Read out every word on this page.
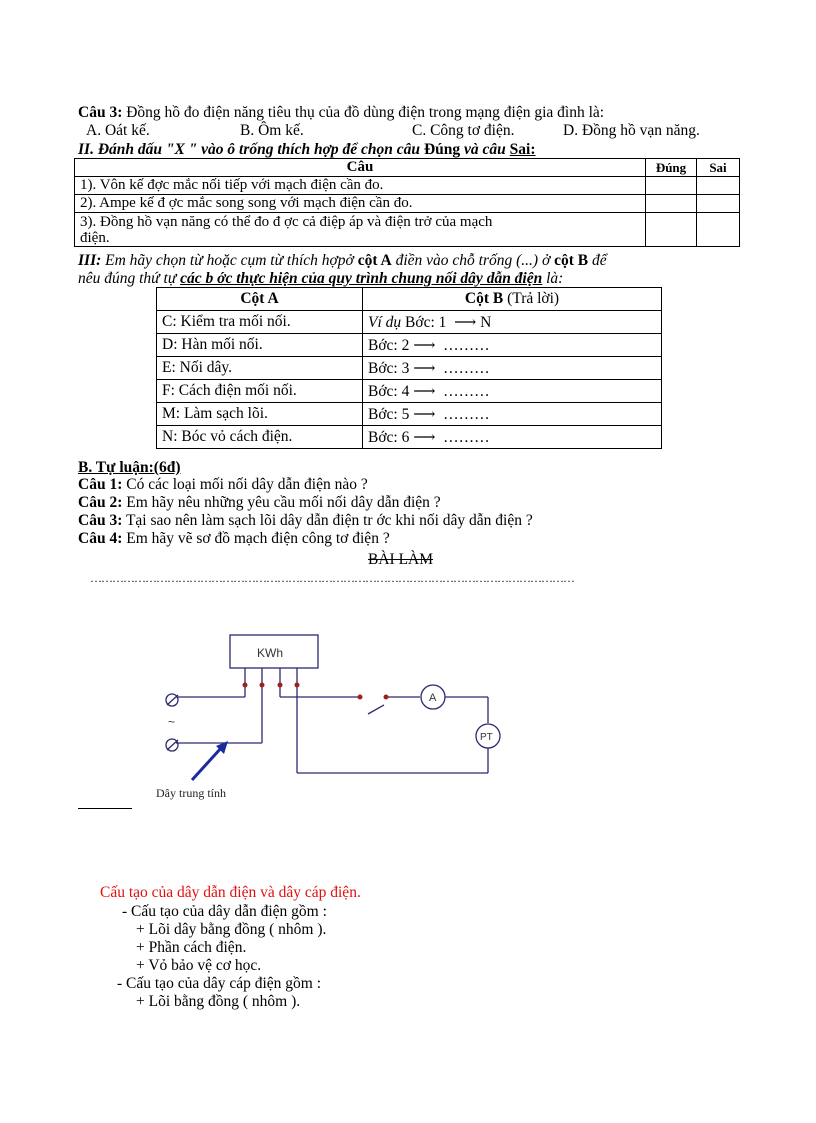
Câu 3: Đồng hồ đo điện năng tiêu thụ của đồ dùng điện trong mạng điện gia đình là:
A. Oát kế.	B. Ôm kế.	C. Công tơ điện.	D. Đồng hồ vạn năng.
II. Đánh dấu "X " vào ô trống thích hợp để chọn câu Đúng và câu Sai:
Câu	Đúng	Sai
1). Vôn kế đợc mắc nối tiếp với mạch điện cần đo.		
2). Ampe kế đ ợc mắc song song với mạch điện cần đo.		

3). Đồng hồ vạn năng có thể đo đ ợc cả điệp áp và điện trở của mạch
điện.		

III: Em hãy chọn từ hoặc cụm từ thích hợpở cột A điền vào chỗ trống (...) ở cột B để
nêu đúng thứ tự các b ớc thực hiện của quy trình chung nối dây dẫn điện là:
Cột A	Cột B (Trả lời)
C: Kiểm tra mối nối.	Ví dụ Bớc: 1  ⟶ N
D: Hàn mối nối.	Bớc: 2 ⟶ ………
E: Nối dây.	Bớc: 3 ⟶ ………
F: Cách điện mối nối.	Bớc: 4 ⟶ ………
M: Làm sạch lõi.	Bớc: 5 ⟶ ………
N: Bóc vỏ cách điện.	Bớc: 6 ⟶ ………
B. Tự luận:(6đ)
Câu 1: Có các loại mối nối dây dẫn điện nào ?
Câu 2: Em hãy nêu những yêu cầu mối nối dây dẫn điện ?
Câu 3: Tại sao nên làm sạch lõi dây dẫn điện tr ớc khi nối dây dẫn điện ?
Câu 4: Em hãy vẽ sơ đồ mạch điện công tơ điện ?
BÀI LÀM
……………………………………………………………………………………………………………………
KWh
A
PT
~
Dây trung tính
Cấu tạo của dây dẫn điện và dây cáp điện.
- Cấu tạo của dây dẫn điện gồm :
+ Lõi dây bằng đồng ( nhôm ).
+ Phần cách điện.
+ Vỏ bảo vệ cơ học.
- Cấu tạo của dây cáp điện gồm :
+ Lõi bằng đồng ( nhôm ).
